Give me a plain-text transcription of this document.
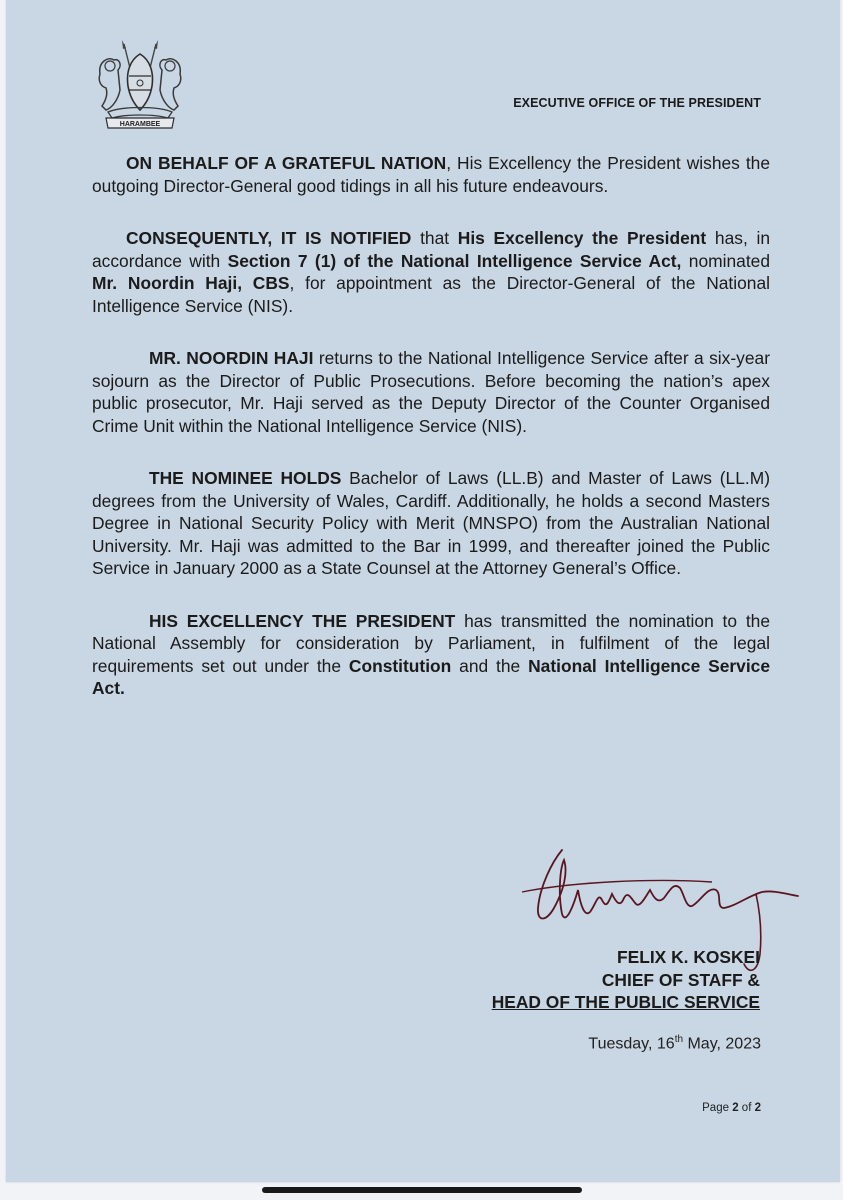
HARAMBEE
EXECUTIVE OFFICE OF THE PRESIDENT

ON BEHALF OF A GRATEFUL NATION, His Excellency the President wishes the outgoing Director-General good tidings in all his future endeavours.

CONSEQUENTLY, IT IS NOTIFIED that His Excellency the President has, in accordance with Section 7 (1) of the National Intelligence Service Act, nominated Mr. Noordin Haji, CBS, for appointment as the Director-General of the National Intelligence Service (NIS).

MR. NOORDIN HAJI returns to the National Intelligence Service after a six-year sojourn as the Director of Public Prosecutions. Before becoming the nation’s apex public prosecutor, Mr. Haji served as the Deputy Director of the Counter Organised Crime Unit within the National Intelligence Service (NIS).

THE NOMINEE HOLDS Bachelor of Laws (LL.B) and Master of Laws (LL.M) degrees from the University of Wales, Cardiff. Additionally, he holds a second Masters Degree in National Security Policy with Merit (MNSPO) from the Australian National University. Mr. Haji was admitted to the Bar in 1999, and thereafter joined the Public Service in January 2000 as a State Counsel at the Attorney General’s Office.

HIS EXCELLENCY THE PRESIDENT has transmitted the nomination to the National Assembly for consideration by Parliament, in fulfilment of the legal requirements set out under the Constitution and the National Intelligence Service Act.

FELIX K. KOSKEI
CHIEF OF STAFF &
HEAD OF THE PUBLIC SERVICE
Tuesday, 16th May, 2023
Page 2 of 2
